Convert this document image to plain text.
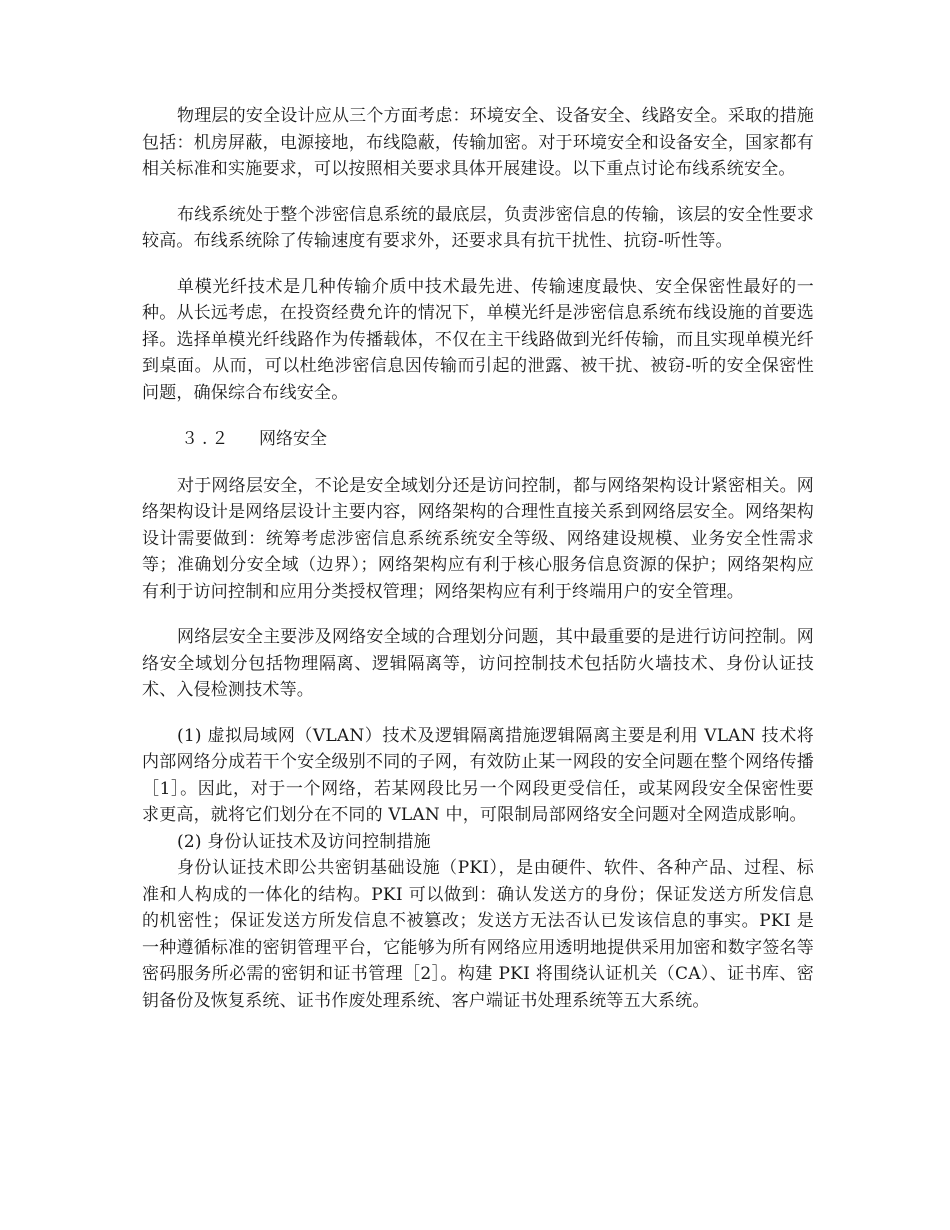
物理层的安全设计应从三个方面考虑：环境安全、设备安全、线路安全。采取的措施包括：机房屏蔽，电源接地，布线隐蔽，传输加密。对于环境安全和设备安全，国家都有相关标准和实施要求，可以按照相关要求具体开展建设。以下重点讨论布线系统安全。

布线系统处于整个涉密信息系统的最底层，负责涉密信息的传输，该层的安全性要求较高。布线系统除了传输速度有要求外，还要求具有抗干扰性、抗窃-听性等。

单模光纤技术是几种传输介质中技术最先进、传输速度最快、安全保密性最好的一种。从长远考虑，在投资经费允许的情况下，单模光纤是涉密信息系统布线设施的首要选择。选择单模光纤线路作为传播载体，不仅在主干线路做到光纤传输，而且实现单模光纤到桌面。从而，可以杜绝涉密信息因传输而引起的泄露、被干扰、被窃-听的安全保密性问题，确保综合布线安全。

３.２ 网络安全

对于网络层安全，不论是安全域划分还是访问控制，都与网络架构设计紧密相关。网络架构设计是网络层设计主要内容，网络架构的合理性直接关系到网络层安全。网络架构设计需要做到：统筹考虑涉密信息系统系统安全等级、网络建设规模、业务安全性需求等；准确划分安全域（边界）；网络架构应有利于核心服务信息资源的保护；网络架构应有利于访问控制和应用分类授权管理；网络架构应有利于终端用户的安全管理。

网络层安全主要涉及网络安全域的合理划分问题，其中最重要的是进行访问控制。网络安全域划分包括物理隔离、逻辑隔离等，访问控制技术包括防火墙技术、身份认证技术、入侵检测技术等。

(1) 虚拟局域网（VLAN）技术及逻辑隔离措施逻辑隔离主要是利用 VLAN 技术将内部网络分成若干个安全级别不同的子网，有效防止某一网段的安全问题在整个网络传播［1］。因此，对于一个网络，若某网段比另一个网段更受信任，或某网段安全保密性要求更高，就将它们划分在不同的 VLAN 中，可限制局部网络安全问题对全网造成影响。

(2) 身份认证技术及访问控制措施

身份认证技术即公共密钥基础设施（PKI），是由硬件、软件、各种产品、过程、标准和人构成的一体化的结构。PKI 可以做到：确认发送方的身份；保证发送方所发信息的机密性；保证发送方所发信息不被篡改；发送方无法否认已发该信息的事实。PKI 是一种遵循标准的密钥管理平台，它能够为所有网络应用透明地提供采用加密和数字签名等密码服务所必需的密钥和证书管理［2］。构建 PKI 将围绕认证机关（CA）、证书库、密钥备份及恢复系统、证书作废处理系统、客户端证书处理系统等五大系统。
